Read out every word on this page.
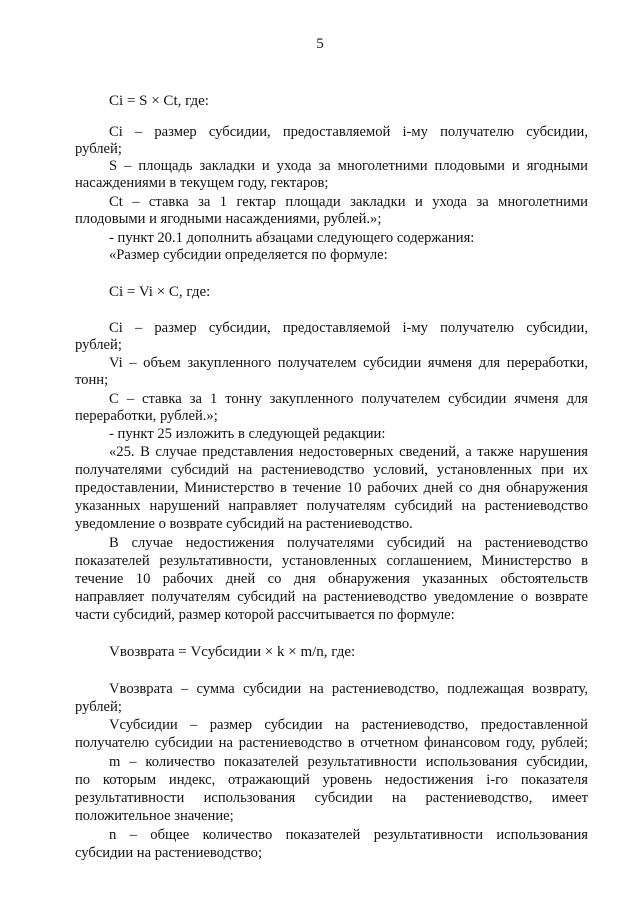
5
Ci = S × Ct, где:
Ci – размер субсидии, предоставляемой i-му получателю субсидии,
рублей;
S – площадь закладки и ухода за многолетними плодовыми и ягодными
насаждениями в текущем году, гектаров;
Ct – ставка за 1 гектар площади закладки и ухода за многолетними
плодовыми и ягодными насаждениями, рублей.»;
- пункт 20.1 дополнить абзацами следующего содержания:
«Размер субсидии определяется по формуле:
Ci = Vi × C, где:
Ci – размер субсидии, предоставляемой i-му получателю субсидии,
рублей;
Vi – объем закупленного получателем субсидии ячменя для переработки,
тонн;
C – ставка за 1 тонну закупленного получателем субсидии ячменя для
переработки, рублей.»;
- пункт 25 изложить в следующей редакции:
«25. В случае представления недостоверных сведений, а также нарушения
получателями субсидий на растениеводство условий, установленных при их
предоставлении, Министерство в течение 10 рабочих дней со дня обнаружения
указанных нарушений направляет получателям субсидий на растениеводство
уведомление о возврате субсидий на растениеводство.
В случае недостижения получателями субсидий на растениеводство
показателей результативности, установленных соглашением, Министерство в
течение 10 рабочих дней со дня обнаружения указанных обстоятельств
направляет получателям субсидий на растениеводство уведомление о возврате
части субсидий, размер которой рассчитывается по формуле:
Vвозврата = Vсубсидии × k × m/n, где:
Vвозврата – сумма субсидии на растениеводство, подлежащая возврату,
рублей;
Vсубсидии – размер субсидии на растениеводство, предоставленной
получателю субсидии на растениеводство в отчетном финансовом году, рублей;
m – количество показателей результативности использования субсидии,
по которым индекс, отражающий уровень недостижения i-го показателя
результативности использования субсидии на растениеводство, имеет
положительное значение;
n – общее количество показателей результативности использования
субсидии на растениеводство;
